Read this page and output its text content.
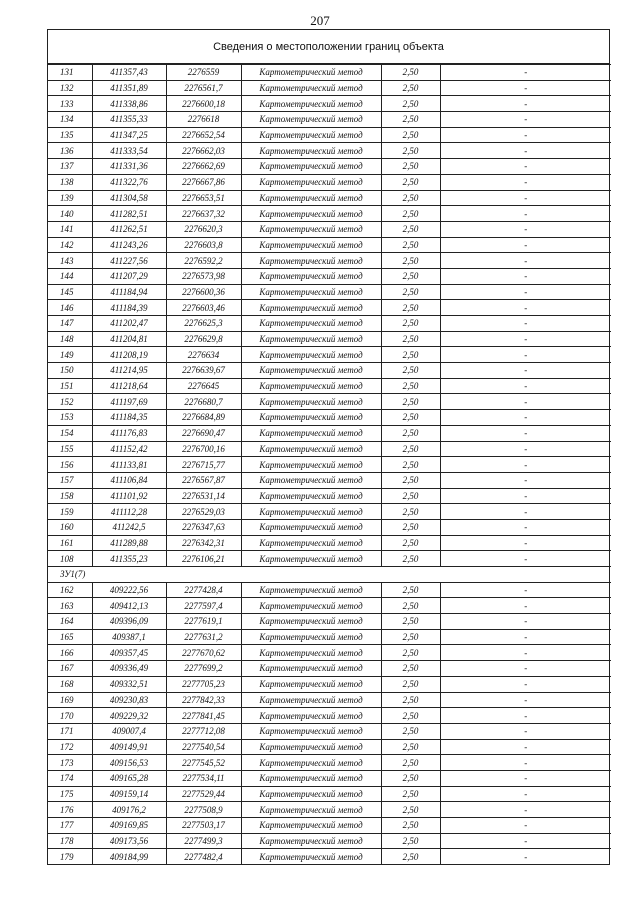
207
Сведения о местоположении границ объекта
131	411357,43	2276559	Картометрический метод	2,50	-
132	411351,89	2276561,7	Картометрический метод	2,50	-
133	411338,86	2276600,18	Картометрический метод	2,50	-
134	411355,33	2276618	Картометрический метод	2,50	-
135	411347,25	2276652,54	Картометрический метод	2,50	-
136	411333,54	2276662,03	Картометрический метод	2,50	-
137	411331,36	2276662,69	Картометрический метод	2,50	-
138	411322,76	2276667,86	Картометрический метод	2,50	-
139	411304,58	2276653,51	Картометрический метод	2,50	-
140	411282,51	2276637,32	Картометрический метод	2,50	-
141	411262,51	2276620,3	Картометрический метод	2,50	-
142	411243,26	2276603,8	Картометрический метод	2,50	-
143	411227,56	2276592,2	Картометрический метод	2,50	-
144	411207,29	2276573,98	Картометрический метод	2,50	-
145	411184,94	2276600,36	Картометрический метод	2,50	-
146	411184,39	2276603,46	Картометрический метод	2,50	-
147	411202,47	2276625,3	Картометрический метод	2,50	-
148	411204,81	2276629,8	Картометрический метод	2,50	-
149	411208,19	2276634	Картометрический метод	2,50	-
150	411214,95	2276639,67	Картометрический метод	2,50	-
151	411218,64	2276645	Картометрический метод	2,50	-
152	411197,69	2276680,7	Картометрический метод	2,50	-
153	411184,35	2276684,89	Картометрический метод	2,50	-
154	411176,83	2276690,47	Картометрический метод	2,50	-
155	411152,42	2276700,16	Картометрический метод	2,50	-
156	411133,81	2276715,77	Картометрический метод	2,50	-
157	411106,84	2276567,87	Картометрический метод	2,50	-
158	411101,92	2276531,14	Картометрический метод	2,50	-
159	411112,28	2276529,03	Картометрический метод	2,50	-
160	411242,5	2276347,63	Картометрический метод	2,50	-
161	411289,88	2276342,31	Картометрический метод	2,50	-
108	411355,23	2276106,21	Картометрический метод	2,50	-
ЗУ1(7)					
162	409222,56	2277428,4	Картометрический метод	2,50	-
163	409412,13	2277597,4	Картометрический метод	2,50	-
164	409396,09	2277619,1	Картометрический метод	2,50	-
165	409387,1	2277631,2	Картометрический метод	2,50	-
166	409357,45	2277670,62	Картометрический метод	2,50	-
167	409336,49	2277699,2	Картометрический метод	2,50	-
168	409332,51	2277705,23	Картометрический метод	2,50	-
169	409230,83	2277842,33	Картометрический метод	2,50	-
170	409229,32	2277841,45	Картометрический метод	2,50	-
171	409007,4	2277712,08	Картометрический метод	2,50	-
172	409149,91	2277540,54	Картометрический метод	2,50	-
173	409156,53	2277545,52	Картометрический метод	2,50	-
174	409165,28	2277534,11	Картометрический метод	2,50	-
175	409159,14	2277529,44	Картометрический метод	2,50	-
176	409176,2	2277508,9	Картометрический метод	2,50	-
177	409169,85	2277503,17	Картометрический метод	2,50	-
178	409173,56	2277499,3	Картометрический метод	2,50	-
179	409184,99	2277482,4	Картометрический метод	2,50	-
